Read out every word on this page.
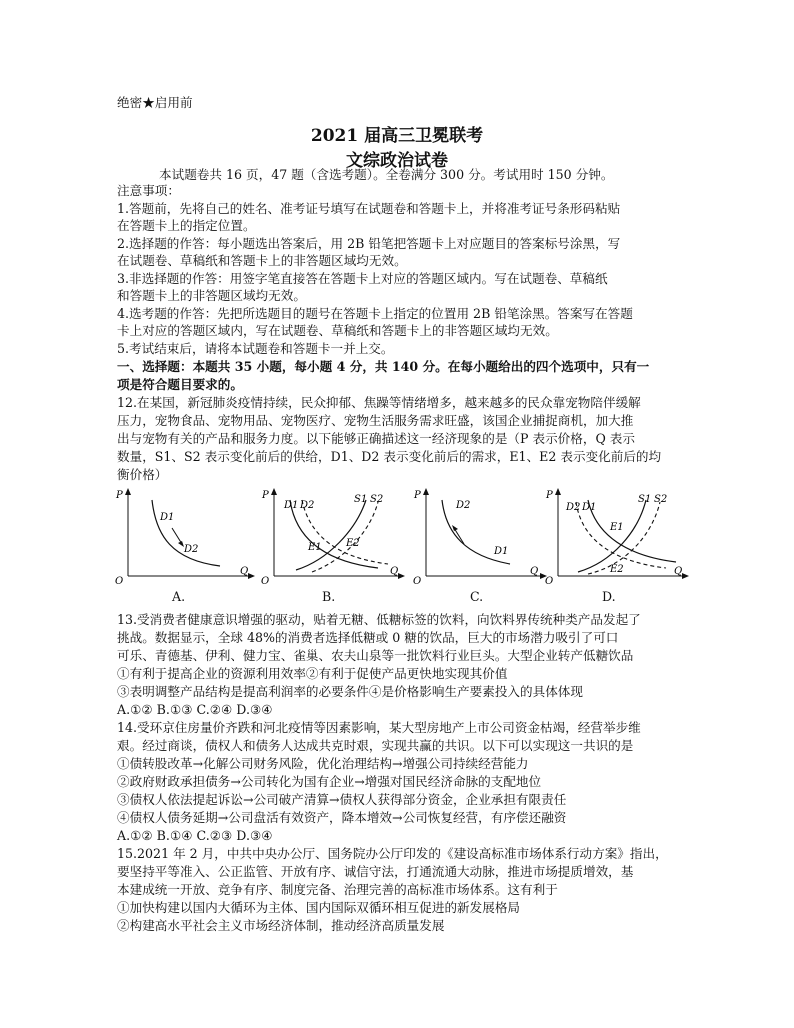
绝密★启用前
2021 届高三卫冕联考
文综政治试卷
本试题卷共 16 页，47 题（含选考题）。全卷满分 300 分。考试用时 150 分钟。
注意事项：
1.答题前，先将自己的姓名、准考证号填写在试题卷和答题卡上，并将准考证号条形码粘贴
在答题卡上的指定位置。
2.选择题的作答：每小题选出答案后，用 2B 铅笔把答题卡上对应题目的答案标号涂黑，写
在试题卷、草稿纸和答题卡上的非答题区域均无效。
3.非选择题的作答：用签字笔直接答在答题卡上对应的答题区域内。写在试题卷、草稿纸
和答题卡上的非答题区域均无效。
4.选考题的作答：先把所选题目的题号在答题卡上指定的位置用 2B 铅笔涂黑。答案写在答题
卡上对应的答题区域内，写在试题卷、草稿纸和答题卡上的非答题区域均无效。
5.考试结束后，请将本试题卷和答题卡一并上交。
一、选择题：本题共 35 小题，每小题 4 分，共 140 分。在每小题给出的四个选项中，只有一
项是符合题目要求的。
12.在某国，新冠肺炎疫情持续，民众抑郁、焦躁等情绪增多，越来越多的民众靠宠物陪伴缓解
压力，宠物食品、宠物用品、宠物医疗、宠物生活服务需求旺盛，该国企业捕捉商机，加大推
出与宠物有关的产品和服务力度。以下能够正确描述这一经济现象的是（P 表示价格，Q 表示
数量，S1、S2 表示变化前后的供给，D1、D2 表示变化前后的需求，E1、E2 表示变化前后的均
衡价格）
P
Q
O
D1
D2
D1 D2
S1 S2
E1 E2
P
Q
O
D2
D1
P
Q
O
D2 D1
S1 S2
E1
E2
P
Q
O
A.	B.	C.	D.
13.受消费者健康意识增强的驱动，贴着无糖、低糖标签的饮料，向饮料界传统种类产品发起了
挑战。数据显示，全球 48%的消费者选择低糖或 0 糖的饮品，巨大的市场潜力吸引了可口
可乐、青德基、伊利、健力宝、雀巢、农夫山泉等一批饮料行业巨头。大型企业转产低糖饮品
①有利于提高企业的资源利用效率②有利于促使产品更快地实现其价值
③表明调整产品结构是提高利润率的必要条件④是价格影响生产要素投入的具体体现
A.①② B.①③ C.②④ D.③④
14.受环京住房量价齐跌和河北疫情等因素影响，某大型房地产上市公司资金枯竭，经营举步维
艰。经过商谈，债权人和债务人达成共克时艰，实现共赢的共识。以下可以实现这一共识的是
①债转股改革→化解公司财务风险，优化治理结构→增强公司持续经营能力
②政府财政承担债务→公司转化为国有企业→增强对国民经济命脉的支配地位
③债权人依法提起诉讼→公司破产清算→债权人获得部分资金，企业承担有限责任
④债权人债务延期→公司盘活有效资产，降本增效→公司恢复经营，有序偿还融资
A.①② B.①④ C.②③ D.③④
15.2021 年 2 月，中共中央办公厅、国务院办公厅印发的《建设高标准市场体系行动方案》指出，
要坚持平等准入、公正监管、开放有序、诚信守法，打通流通大动脉，推进市场提质增效，基
本建成统一开放、竞争有序、制度完备、治理完善的高标准市场体系。这有利于
①加快构建以国内大循环为主体、国内国际双循环相互促进的新发展格局
②构建高水平社会主义市场经济体制，推动经济高质量发展
